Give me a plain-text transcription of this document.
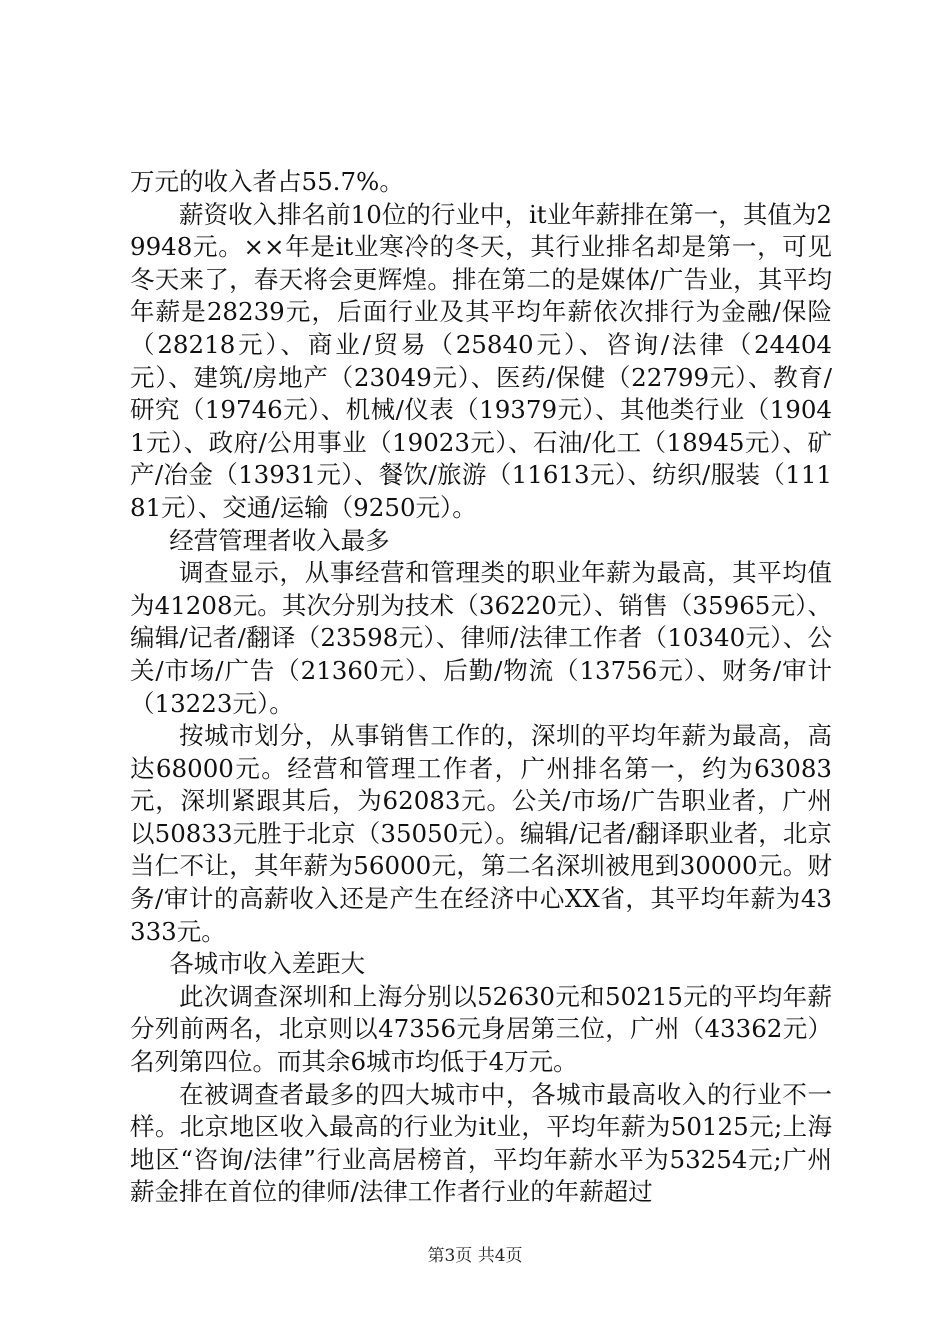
万元的收入者占55.7%。

薪资收入排名前10位的行业中，it业年薪排在第一，其值为29948元。××年是it业寒冷的冬天，其行业排名却是第一，可见冬天来了，春天将会更辉煌。排在第二的是媒体/广告业，其平均年薪是28239元，后面行业及其平均年薪依次排行为金融/保险（28218元）、商业/贸易（25840元）、咨询/法律（24404元）、建筑/房地产（23049元）、医药/保健（22799元）、教育/研究（19746元）、机械/仪表（19379元）、其他类行业（19041元）、政府/公用事业（19023元）、石油/化工（18945元）、矿产/冶金（13931元）、餐饮/旅游（11613元）、纺织/服装（11181元）、交通/运输（9250元）。

经营管理者收入最多

调查显示，从事经营和管理类的职业年薪为最高，其平均值为41208元。其次分别为技术（36220元）、销售（35965元）、编辑/记者/翻译（23598元）、律师/法律工作者（10340元）、公关/市场/广告（21360元）、后勤/物流（13756元）、财务/审计（13223元）。

按城市划分，从事销售工作的，深圳的平均年薪为最高，高达68000元。经营和管理工作者，广州排名第一，约为63083元，深圳紧跟其后，为62083元。公关/市场/广告职业者，广州以50833元胜于北京（35050元）。编辑/记者/翻译职业者，北京当仁不让，其年薪为56000元，第二名深圳被甩到30000元。财务/审计的高薪收入还是产生在经济中心XX省，其平均年薪为43333元。

各城市收入差距大

此次调查深圳和上海分别以52630元和50215元的平均年薪分列前两名，北京则以47356元身居第三位，广州（43362元）名列第四位。而其余6城市均低于4万元。

在被调查者最多的四大城市中，各城市最高收入的行业不一样。北京地区收入最高的行业为it业，平均年薪为50125元;上海地区“咨询/法律”行业高居榜首，平均年薪水平为53254元;广州薪金排在首位的律师/法律工作者行业的年薪超过

第3页 共4页
